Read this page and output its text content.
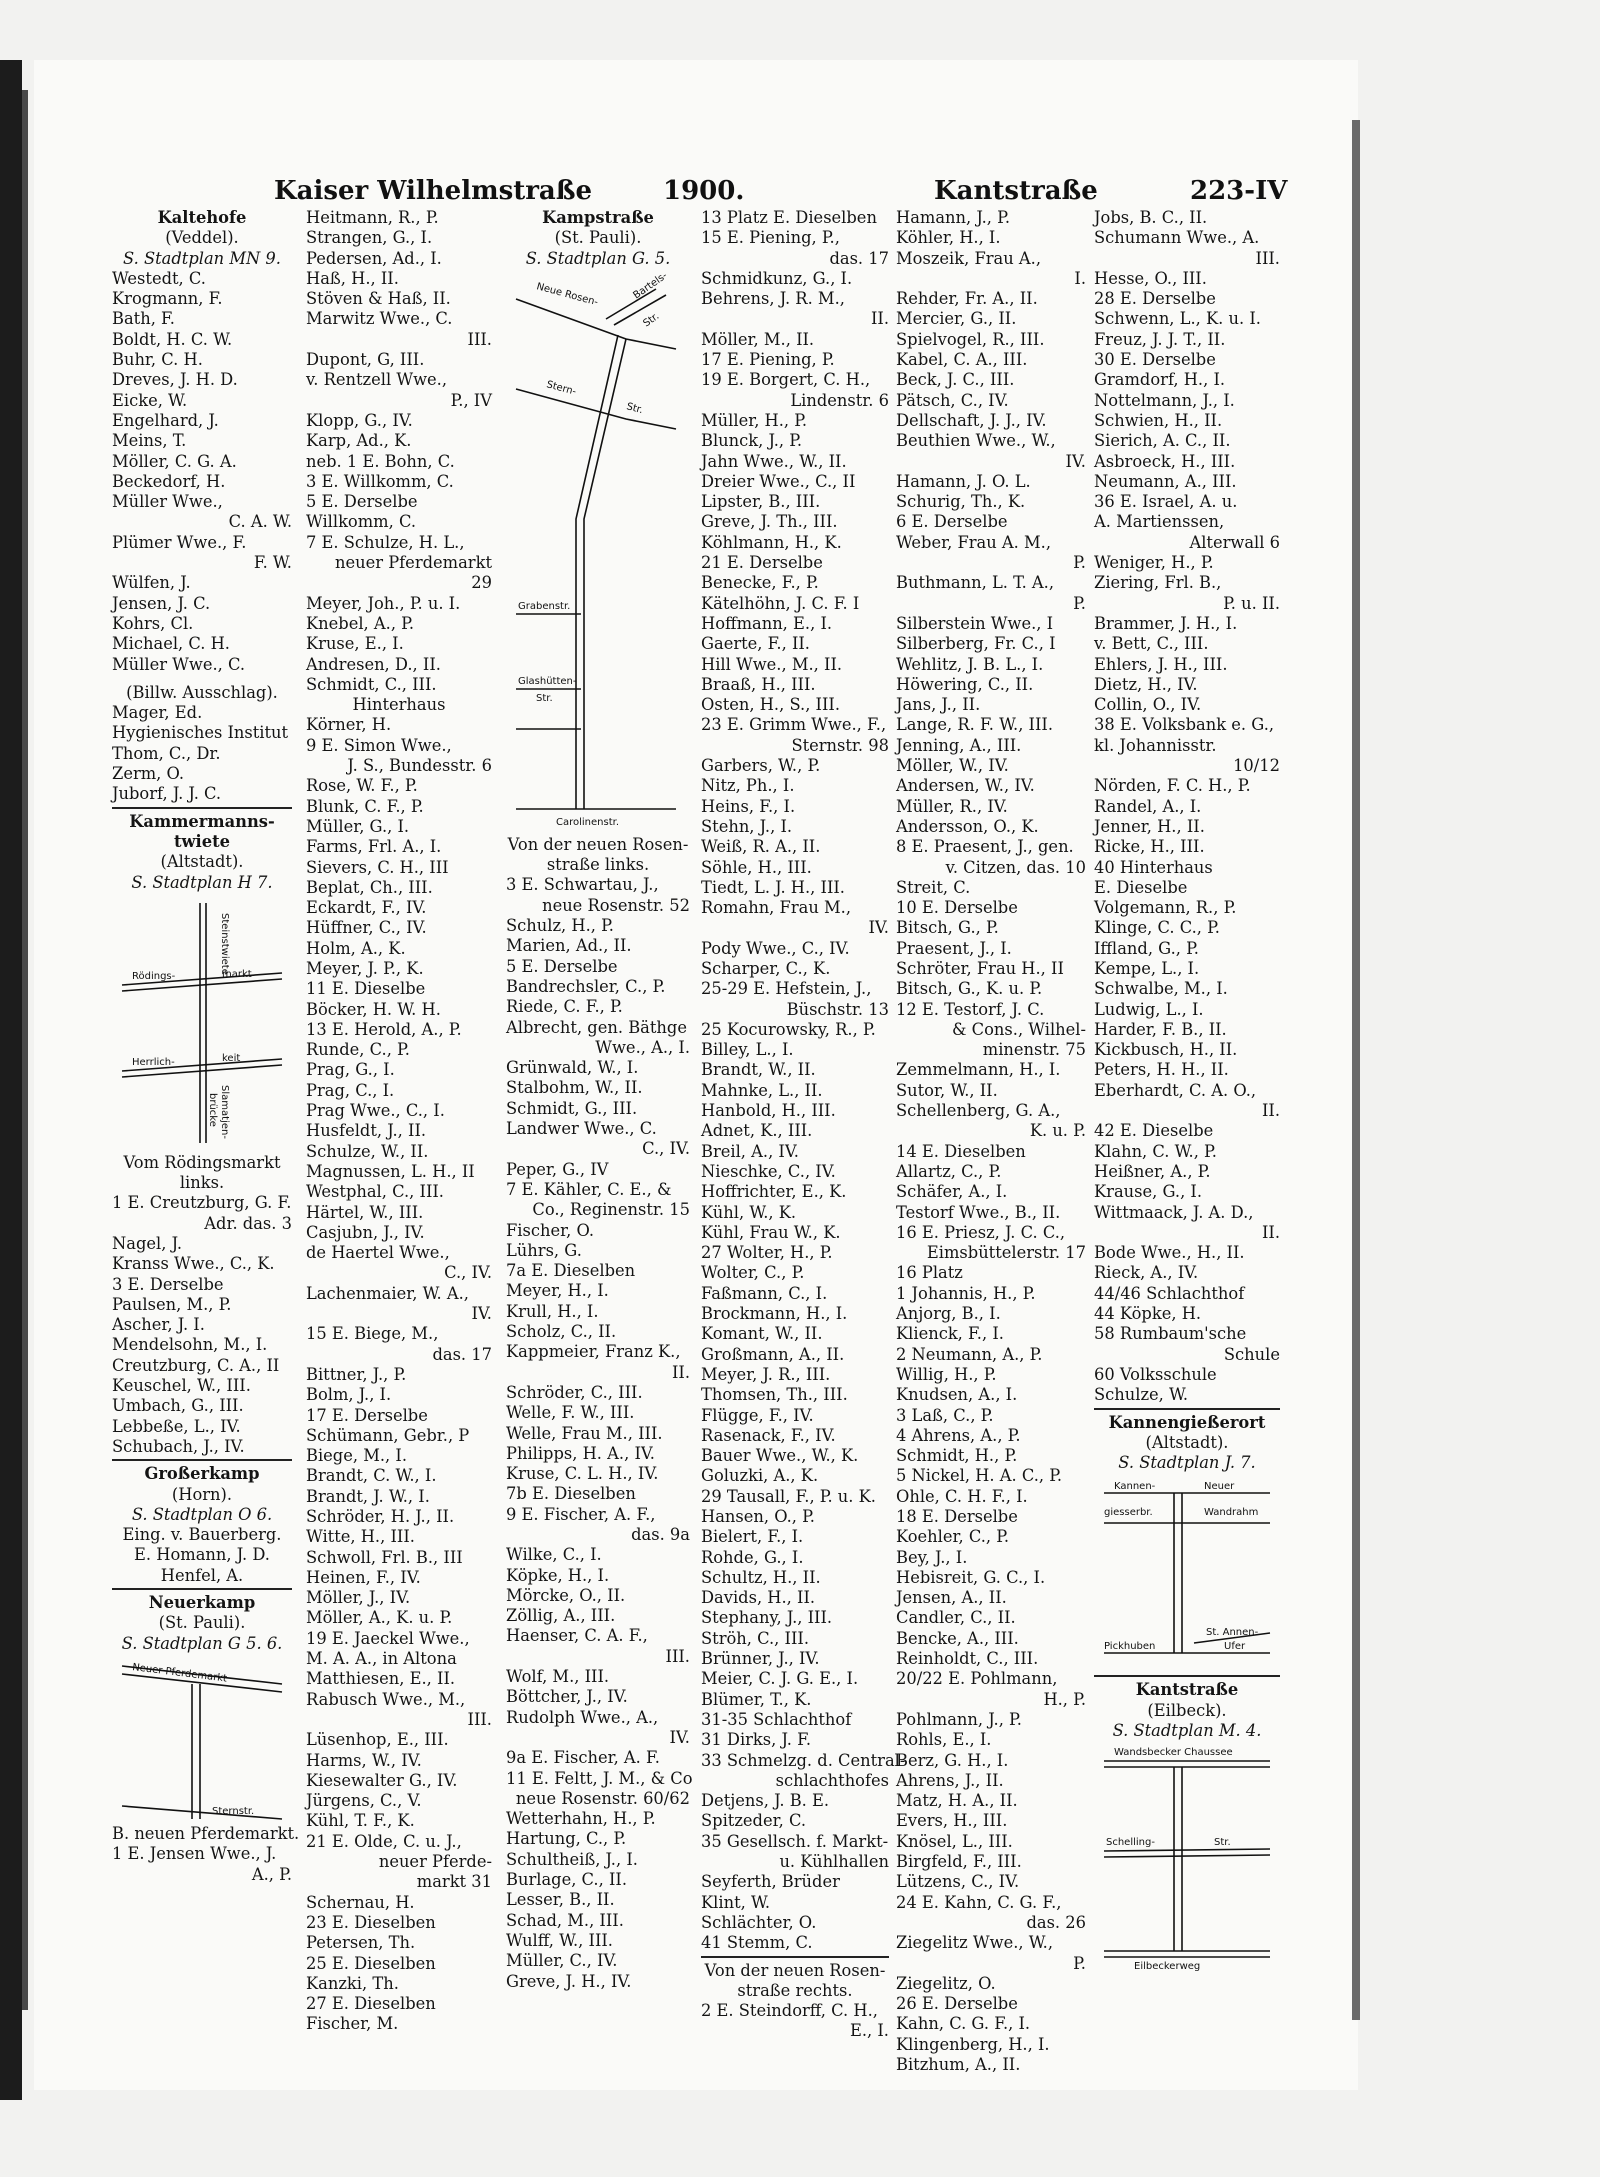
Kaiser Wilhelmstraße	1900.	Kantstraße	223-IV
Kaltehofe
(Veddel).
S. Stadtplan MN 9.
Westedt, C.
Krogmann, F.
Bath, F.
Boldt, H. C. W.
Buhr, C. H.
Dreves, J. H. D.
Eicke, W.
Engelhard, J.
Meins, T.
Möller, C. G. A.
Beckedorf, H.
Müller Wwe.,
C. A. W.
Plümer Wwe., F.
F. W.
Wülfen, J.
Jensen, J. C.
Kohrs, Cl.
Michael, C. H.
Müller Wwe., C.
(Billw. Ausschlag).
Mager, Ed.
Hygienisches Institut
Thom, C., Dr.
Zerm, O.
Juborf, J. J. C.
Kammermanns-
twiete
(Altstadt).
S. Stadtplan H 7.
Steinstwiete
Rödings-	markt
Herrlich-	keit
Slamatjen-
brücke
Vom Rödingsmarkt
links.
1 E. Creutzburg, G. F.
Adr. das. 3
Nagel, J.
Kranss Wwe., C., K.
3 E. Derselbe
Paulsen, M., P.
Ascher, J. I.
Mendelsohn, M., I.
Creutzburg, C. A., II
Keuschel, W., III.
Umbach, G., III.
Lebbeße, L., IV.
Schubach, J., IV.
Großerkamp
(Horn).
S. Stadtplan O 6.
Eing. v. Bauerberg.
E. Homann, J. D.
Henfel, A.
Neuerkamp
(St. Pauli).
S. Stadtplan G 5. 6.
Neuer Pferdemarkt
Sternstr.
B. neuen Pferdemarkt.
1 E. Jensen Wwe., J.
A., P.
Heitmann, R., P.
Strangen, G., I.
Pedersen, Ad., I.
Haß, H., II.
Stöven & Haß, II.
Marwitz Wwe., C.
III.
Dupont, G, III.
v. Rentzell Wwe.,
P., IV
Klopp, G., IV.
Karp, Ad., K.
neb. 1 E. Bohn, C.
3 E. Willkomm, C.
5 E. Derselbe
Willkomm, C.
7 E. Schulze, H. L.,
neuer Pferdemarkt
29
Meyer, Joh., P. u. I.
Knebel, A., P.
Kruse, E., I.
Andresen, D., II.
Schmidt, C., III.
Hinterhaus
Körner, H.
9 E. Simon Wwe.,
J. S., Bundesstr. 6
Rose, W. F., P.
Blunk, C. F., P.
Müller, G., I.
Farms, Frl. A., I.
Sievers, C. H., III
Beplat, Ch., III.
Eckardt, F., IV.
Hüffner, C., IV.
Holm, A., K.
Meyer, J. P., K.
11 E. Dieselbe
Böcker, H. W. H.
13 E. Herold, A., P.
Runde, C., P.
Prag, G., I.
Prag, C., I.
Prag Wwe., C., I.
Husfeldt, J., II.
Schulze, W., II.
Magnussen, L. H., II
Westphal, C., III.
Härtel, W., III.
Casjubn, J., IV.
de Haertel Wwe.,
C., IV.
Lachenmaier, W. A.,
IV.
15 E. Biege, M.,
das. 17
Bittner, J., P.
Bolm, J., I.
17 E. Derselbe
Schümann, Gebr., P
Biege, M., I.
Brandt, C. W., I.
Brandt, J. W., I.
Schröder, H. J., II.
Witte, H., III.
Schwoll, Frl. B., III
Heinen, F., IV.
Möller, J., IV.
Möller, A., K. u. P.
19 E. Jaeckel Wwe.,
M. A. A., in Altona
Matthiesen, E., II.
Rabusch Wwe., M.,
III.
Lüsenhop, E., III.
Harms, W., IV.
Kiesewalter G., IV.
Jürgens, C., V.
Kühl, T. F., K.
21 E. Olde, C. u. J.,
neuer Pferde-
markt 31
Schernau, H.
23 E. Dieselben
Petersen, Th.
25 E. Dieselben
Kanzki, Th.
27 E. Dieselben
Fischer, M.
Kampstraße
(St. Pauli).
S. Stadtplan G. 5.
Neue Rosen-	Bartels-
Str.
Stern-
Str.
Grabenstr.
Glashütten-
Str.
Carolinenstr.
Von der neuen Rosen-
straße links.
3 E. Schwartau, J.,
neue Rosenstr. 52
Schulz, H., P.
Marien, Ad., II.
5 E. Derselbe
Bandrechsler, C., P.
Riede, C. F., P.
Albrecht, gen. Bäthge
Wwe., A., I.
Grünwald, W., I.
Stalbohm, W., II.
Schmidt, G., III.
Landwer Wwe., C.
C., IV.
Peper, G., IV
7 E. Kähler, C. E., &
Co., Reginenstr. 15
Fischer, O.
Lührs, G.
7a E. Dieselben
Meyer, H., I.
Krull, H., I.
Scholz, C., II.
Kappmeier, Franz K.,
II.
Schröder, C., III.
Welle, F. W., III.
Welle, Frau M., III.
Philipps, H. A., IV.
Kruse, C. L. H., IV.
7b E. Dieselben
9 E. Fischer, A. F.,
das. 9a
Wilke, C., I.
Köpke, H., I.
Mörcke, O., II.
Zöllig, A., III.
Haenser, C. A. F.,
III.
Wolf, M., III.
Böttcher, J., IV.
Rudolph Wwe., A.,
IV.
9a E. Fischer, A. F.
11 E. Feltt, J. M., & Co
neue Rosenstr. 60/62
Wetterhahn, H., P.
Hartung, C., P.
Schultheiß, J., I.
Burlage, C., II.
Lesser, B., II.
Schad, M., III.
Wulff, W., III.
Müller, C., IV.
Greve, J. H., IV.
13 Platz E. Dieselben
15 E. Piening, P.,
das. 17
Schmidkunz, G., I.
Behrens, J. R. M.,
II.
Möller, M., II.
17 E. Piening, P.
19 E. Borgert, C. H.,
Lindenstr. 6
Müller, H., P.
Blunck, J., P.
Jahn Wwe., W., II.
Dreier Wwe., C., II
Lipster, B., III.
Greve, J. Th., III.
Köhlmann, H., K.
21 E. Derselbe
Benecke, F., P.
Kätelhöhn, J. C. F. I
Hoffmann, E., I.
Gaerte, F., II.
Hill Wwe., M., II.
Braaß, H., III.
Osten, H., S., III.
23 E. Grimm Wwe., F.,
Sternstr. 98
Garbers, W., P.
Nitz, Ph., I.
Heins, F., I.
Stehn, J., I.
Weiß, R. A., II.
Söhle, H., III.
Tiedt, L. J. H., III.
Romahn, Frau M.,
IV.
Pody Wwe., C., IV.
Scharper, C., K.
25-29 E. Hefstein, J.,
Büschstr. 13
25 Kocurowsky, R., P.
Billey, L., I.
Brandt, W., II.
Mahnke, L., II.
Hanbold, H., III.
Adnet, K., III.
Breil, A., IV.
Nieschke, C., IV.
Hoffrichter, E., K.
Kühl, W., K.
Kühl, Frau W., K.
27 Wolter, H., P.
Wolter, C., P.
Faßmann, C., I.
Brockmann, H., I.
Komant, W., II.
Großmann, A., II.
Meyer, J. R., III.
Thomsen, Th., III.
Flügge, F., IV.
Rasenack, F., IV.
Bauer Wwe., W., K.
Goluzki, A., K.
29 Tausall, F., P. u. K.
Hansen, O., P.
Bielert, F., I.
Rohde, G., I.
Schultz, H., II.
Davids, H., II.
Stephany, J., III.
Ströh, C., III.
Brünner, J., IV.
Meier, C. J. G. E., I.
Blümer, T., K.
31-35 Schlachthof
31 Dirks, J. F.
33 Schmelzg. d. Central-
schlachthofes
Detjens, J. B. E.
Spitzeder, C.
35 Gesellsch. f. Markt-
u. Kühlhallen
Seyferth, Brüder
Klint, W.
Schlächter, O.
41 Stemm, C.
Von der neuen Rosen-
straße rechts.
2 E. Steindorff, C. H.,
E., I.
Hamann, J., P.
Köhler, H., I.
Moszeik, Frau A.,
I.
Rehder, Fr. A., II.
Mercier, G., II.
Spielvogel, R., III.
Kabel, C. A., III.
Beck, J. C., III.
Pätsch, C., IV.
Dellschaft, J. J., IV.
Beuthien Wwe., W.,
IV.
Hamann, J. O. L.
Schurig, Th., K.
6 E. Derselbe
Weber, Frau A. M.,
P.
Buthmann, L. T. A.,
P.
Silberstein Wwe., I
Silberberg, Fr. C., I
Wehlitz, J. B. L., I.
Höwering, C., II.
Jans, J., II.
Lange, R. F. W., III.
Jenning, A., III.
Möller, W., IV.
Andersen, W., IV.
Müller, R., IV.
Andersson, O., K.
8 E. Praesent, J., gen.
v. Citzen, das. 10
Streit, C.
10 E. Derselbe
Bitsch, G., P.
Praesent, J., I.
Schröter, Frau H., II
Bitsch, G., K. u. P.
12 E. Testorf, J. C.
& Cons., Wilhel-
minenstr. 75
Zemmelmann, H., I.
Sutor, W., II.
Schellenberg, G. A.,
K. u. P.
14 E. Dieselben
Allartz, C., P.
Schäfer, A., I.
Testorf Wwe., B., II.
16 E. Priesz, J. C. C.,
Eimsbüttelerstr. 17
16 Platz
1 Johannis, H., P.
Anjorg, B., I.
Klienck, F., I.
2 Neumann, A., P.
Willig, H., P.
Knudsen, A., I.
3 Laß, C., P.
4 Ahrens, A., P.
Schmidt, H., P.
5 Nickel, H. A. C., P.
Ohle, C. H. F., I.
18 E. Derselbe
Koehler, C., P.
Bey, J., I.
Hebisreit, G. C., I.
Jensen, A., II.
Candler, C., II.
Bencke, A., III.
Reinholdt, C., III.
20/22 E. Pohlmann,
H., P.
Pohlmann, J., P.
Rohls, E., I.
Berz, G. H., I.
Ahrens, J., II.
Matz, H. A., II.
Evers, H., III.
Knösel, L., III.
Birgfeld, F., III.
Lützens, C., IV.
24 E. Kahn, C. G. F.,
das. 26
Ziegelitz Wwe., W.,
P.
Ziegelitz, O.
26 E. Derselbe
Kahn, C. G. F., I.
Klingenberg, H., I.
Bitzhum, A., II.
Jobs, B. C., II.
Schumann Wwe., A.
III.
Hesse, O., III.
28 E. Derselbe
Schwenn, L., K. u. I.
Freuz, J. J. T., II.
30 E. Derselbe
Gramdorf, H., I.
Nottelmann, J., I.
Schwien, H., II.
Sierich, A. C., II.
Asbroeck, H., III.
Neumann, A., III.
36 E. Israel, A. u.
A. Martienssen,
Alterwall 6
Weniger, H., P.
Ziering, Frl. B.,
P. u. II.
Brammer, J. H., I.
v. Bett, C., III.
Ehlers, J. H., III.
Dietz, H., IV.
Collin, O., IV.
38 E. Volksbank e. G.,
kl. Johannisstr.
10/12
Nörden, F. C. H., P.
Randel, A., I.
Jenner, H., II.
Ricke, H., III.
40 Hinterhaus
E. Dieselbe
Volgemann, R., P.
Klinge, C. C., P.
Iffland, G., P.
Kempe, L., I.
Schwalbe, M., I.
Ludwig, L., I.
Harder, F. B., II.
Kickbusch, H., II.
Peters, H. H., II.
Eberhardt, C. A. O.,
II.
42 E. Dieselbe
Klahn, C. W., P.
Heißner, A., P.
Krause, G., I.
Wittmaack, J. A. D.,
II.
Bode Wwe., H., II.
Rieck, A., IV.
44/46 Schlachthof
44 Köpke, H.
58 Rumbaum'sche
Schule
60 Volksschule
Schulze, W.
Kannengießerort
(Altstadt).
S. Stadtplan J. 7.
Kannen-	Neuer
giesserbr.	Wandrahm
St. Annen-
Pickhuben	Ufer
Kantstraße
(Eilbeck).
S. Stadtplan M. 4.
Wandsbecker Chaussee
Schelling-	Str.
Eilbeckerweg
